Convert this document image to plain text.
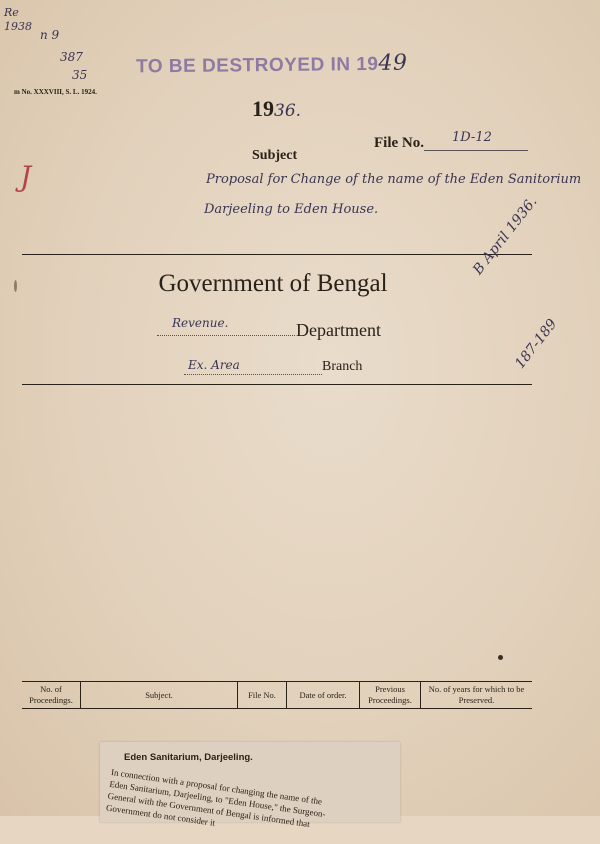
Re
1938
n 9
387
35	TO BE DESTROYED IN 1949
m No. XXXVIII, S. L. 1924.
1936.
File No. 1D-12
Subject
J	Proposal for Change of the name of the Eden Sanitorium
Darjeeling to Eden House.
Government of Bengal
Revenue.	Department
Ex. Area	Branch
B April 1936.
187-189
No. of Proceedings.	Subject.	File No.	Date of order.	Previous Proceedings.	No. of years for which to be Preserved.
Eden Sanitarium, Darjeeling.
In connection with a proposal for changing the name of the Eden Sanitarium, Darjeeling, to "Eden House," the Surgeon-General with the Government of Bengal is informed that Government do not consider it
